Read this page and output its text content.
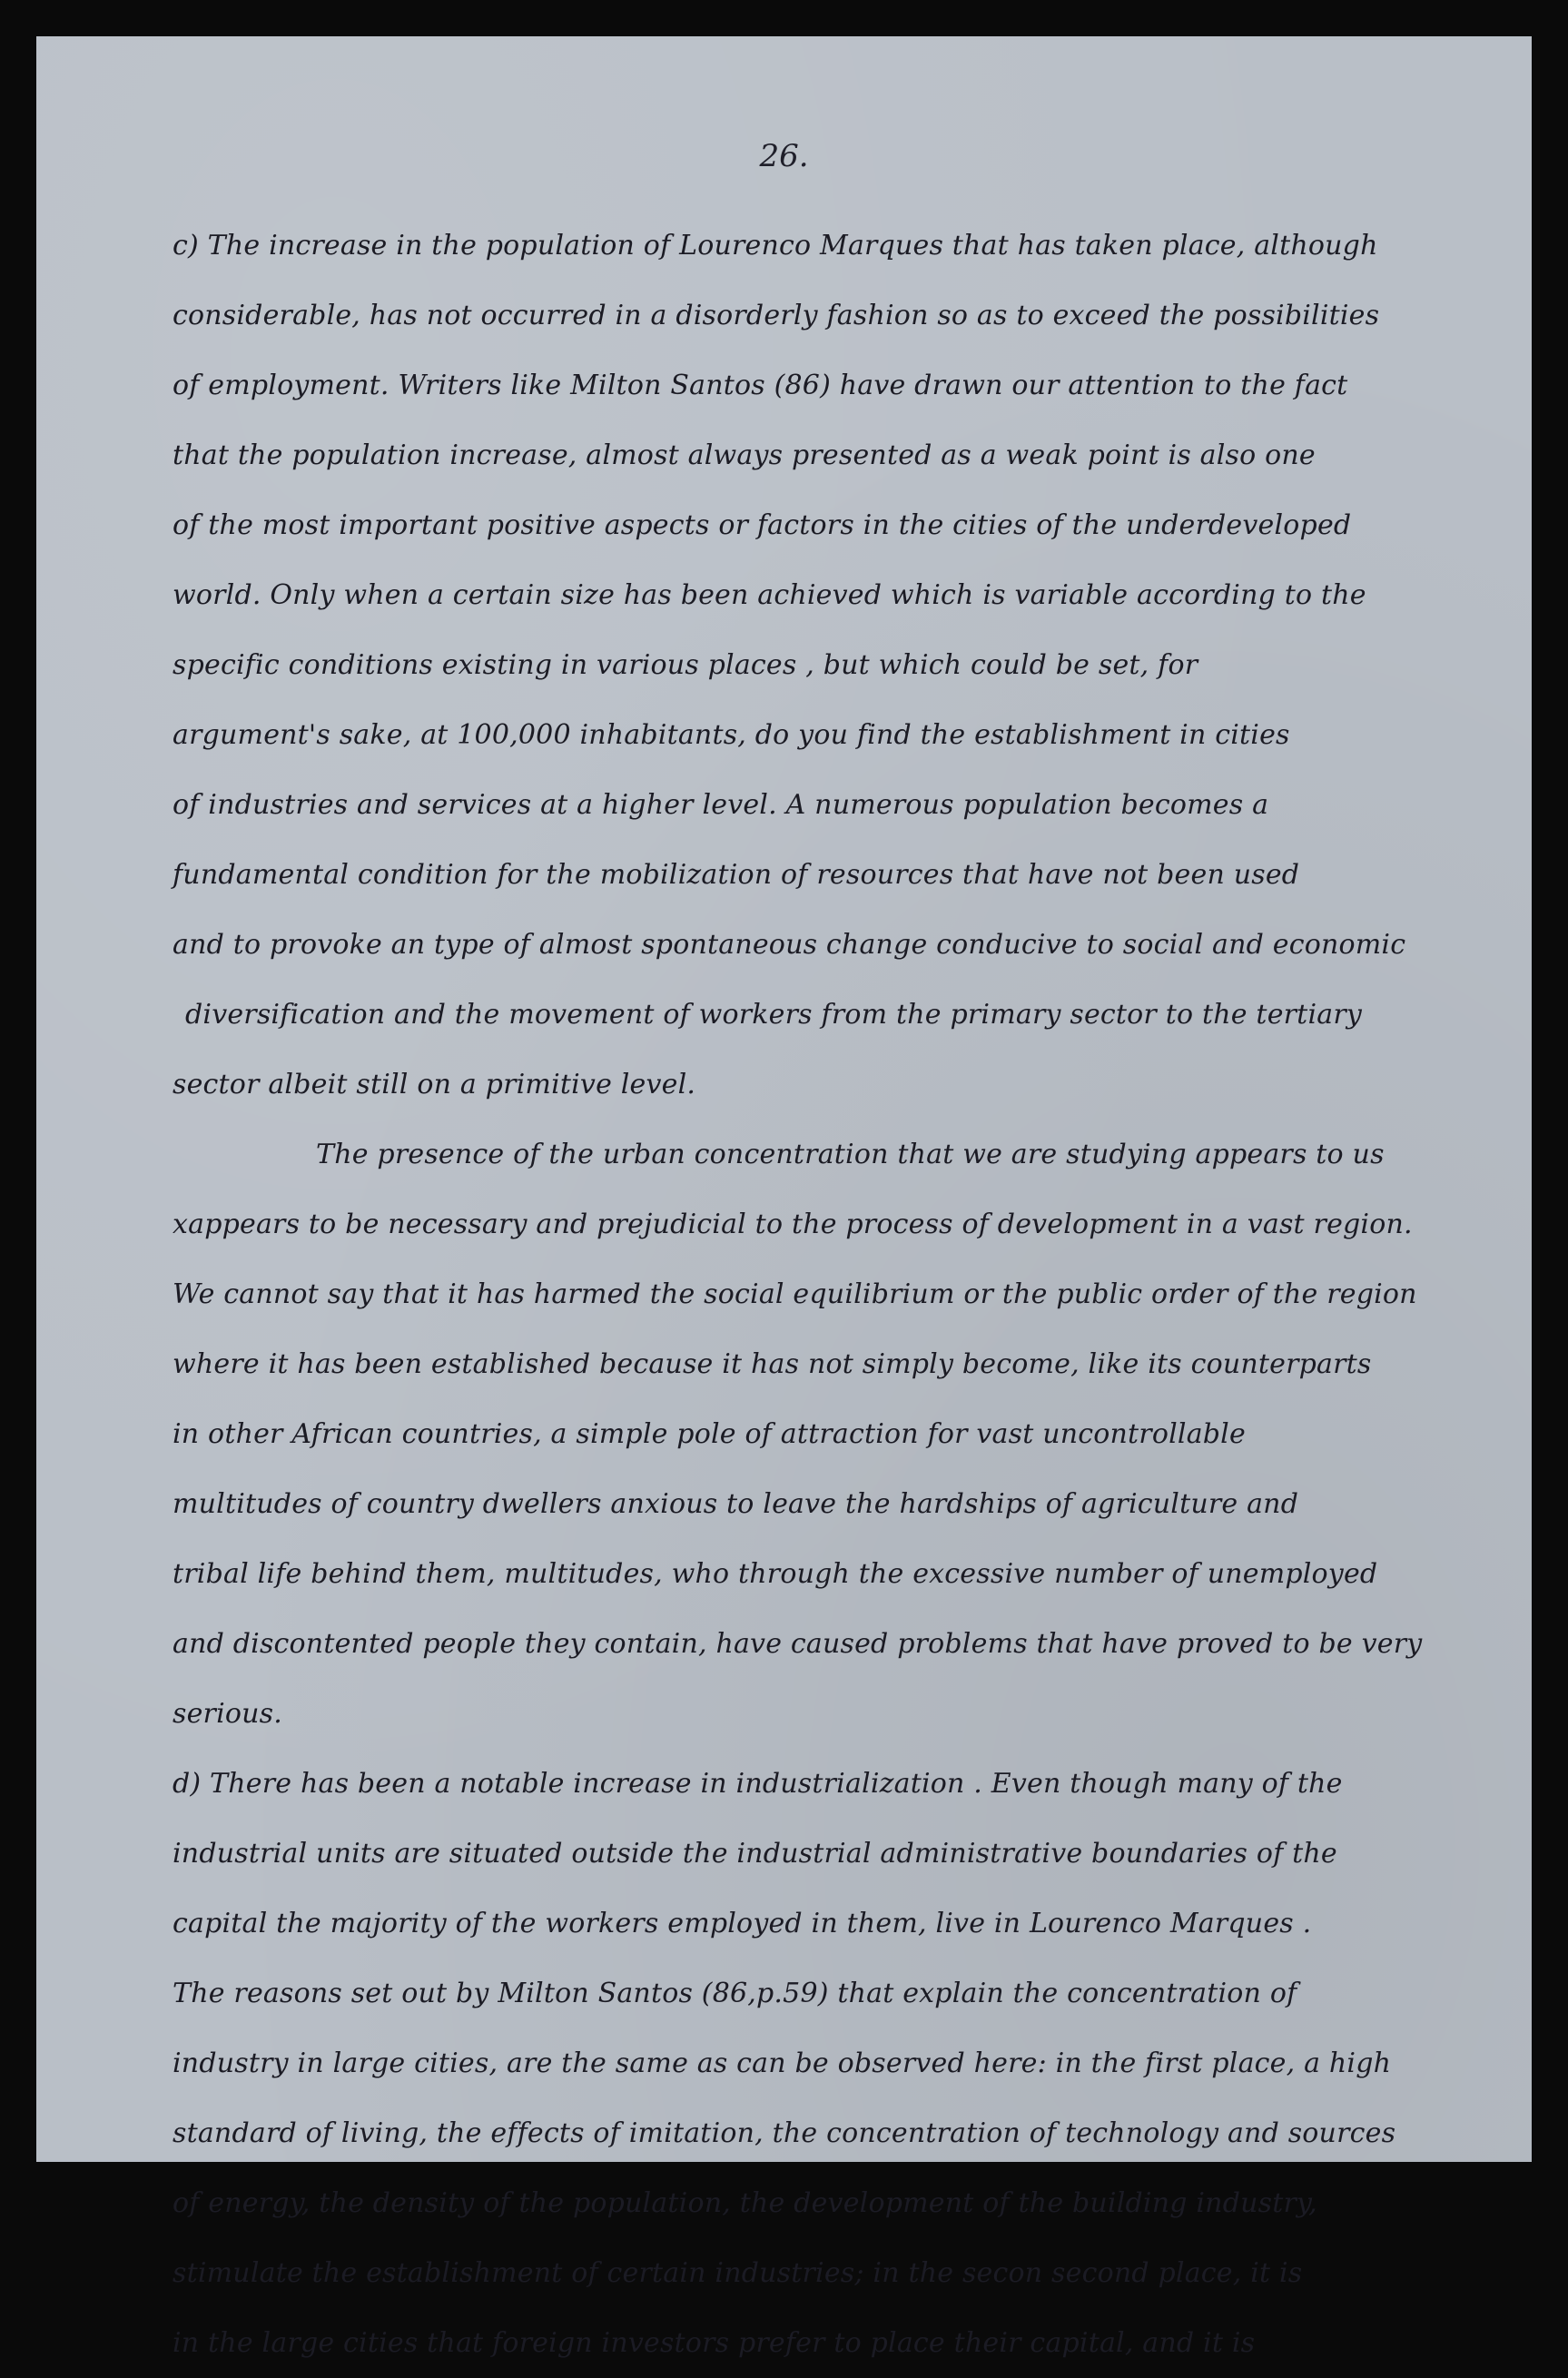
26.
c) The increase in the population of Lourenco Marques that has taken place, although
considerable, has not occurred in a disorderly fashion so as to exceed the possibilities
of employment. Writers like Milton Santos (86) have drawn our attention to the fact
that the population increase, almost always presented as a weak point is also one
of the most important positive aspects or factors in the cities of the underdeveloped
world. Only when a certain size has been achieved which is variable according to the
specific conditions existing in various places , but which could be set, for
argument's sake, at 100,000 inhabitants, do you find the establishment in cities
of industries and services at a higher level. A numerous population becomes a
fundamental condition for the mobilization of resources that have not been used
and to provoke an type of almost spontaneous change conducive to social and economic
diversification and the movement of workers from the primary sector to the tertiary
sector albeit still on a primitive level.
The presence of the urban concentration that we are studying appears to us
xappears to be necessary and prejudicial to the process of development in a vast region.
We cannot say that it has harmed the social equilibrium or the public order of the region
where it has been established because it has not simply become, like its counterparts
in other African countries, a simple pole of attraction for vast uncontrollable
multitudes of country dwellers anxious to leave the hardships of agriculture and
tribal life behind them, multitudes, who through the excessive number of unemployed
and discontented people they contain, have caused problems that have proved to be very
serious.
d) There has been a notable increase in industrialization . Even though many of the
industrial units are situated outside the industrial administrative boundaries of the
capital the majority of the workers employed in them, live in Lourenco Marques .
The reasons set out by Milton Santos (86,p.59) that explain the concentration of
industry in large cities, are the same as can be observed here: in the first place, a high
standard of living, the effects of imitation, the concentration of technology and sources
of energy, the density of the population, the development of the building industry,
stimulate the establishment of certain industries; in the secon second place, it is
in the large cities that foreign investors prefer to place their capital, and it is
